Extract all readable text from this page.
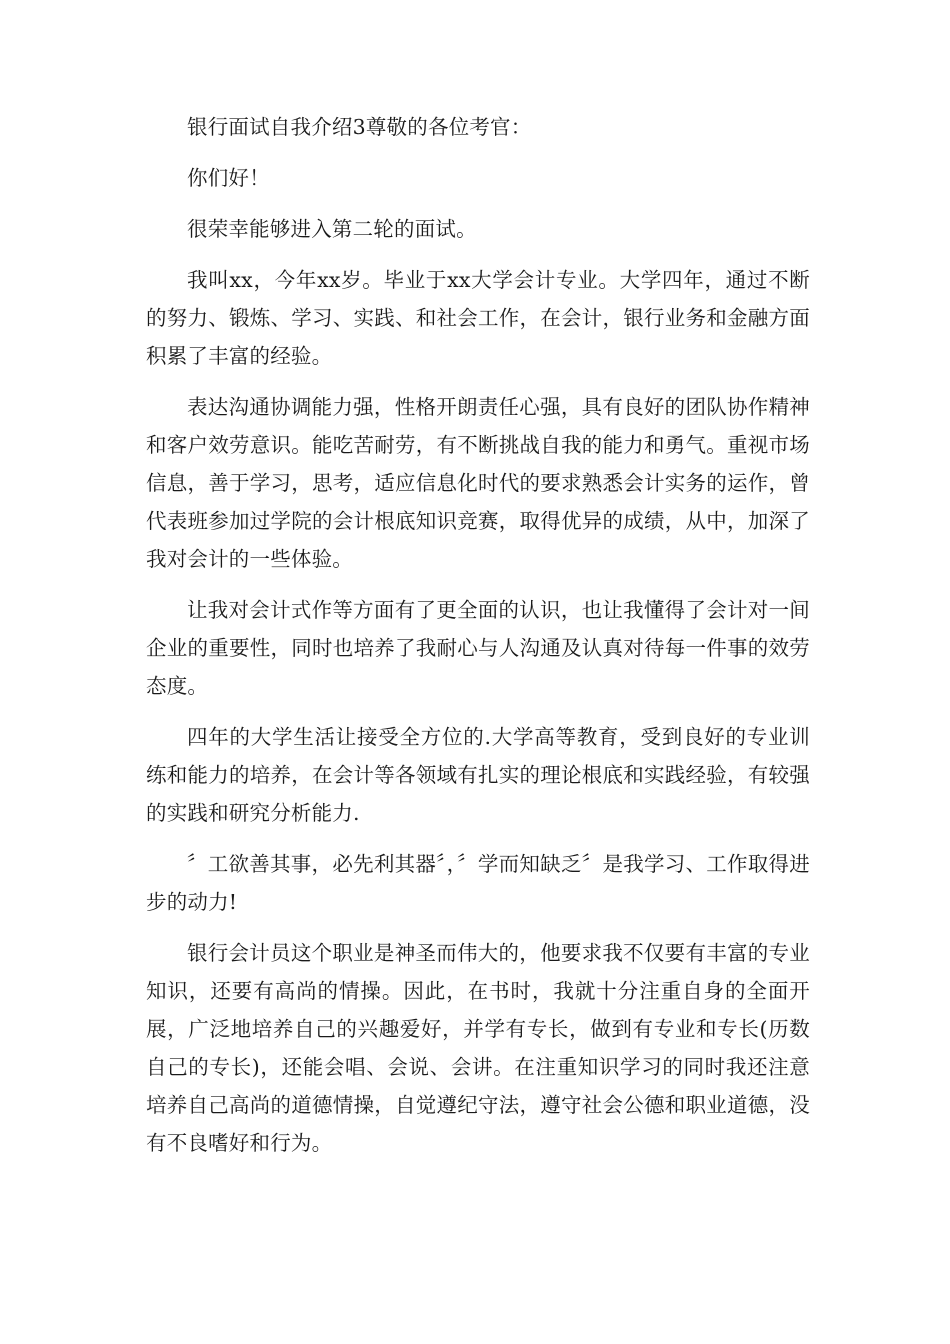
银行面试自我介绍3尊敬的各位考官：

你们好！

很荣幸能够进入第二轮的面试。

我叫xx，今年xx岁。毕业于xx大学会计专业。大学四年，通过不断的努力、锻炼、学习、实践、和社会工作，在会计，银行业务和金融方面积累了丰富的经验。

表达沟通协调能力强，性格开朗责任心强，具有良好的团队协作精神和客户效劳意识。能吃苦耐劳，有不断挑战自我的能力和勇气。重视市场信息，善于学习，思考，适应信息化时代的要求熟悉会计实务的运作，曾代表班参加过学院的会计根底知识竞赛，取得优异的成绩，从中，加深了我对会计的一些体验。

让我对会计式作等方面有了更全面的认识，也让我懂得了会计对一间企业的重要性，同时也培养了我耐心与人沟通及认真对待每一件事的效劳态度。

四年的大学生活让接受全方位的.大学高等教育，受到良好的专业训练和能力的培养，在会计等各领域有扎实的理论根底和实践经验，有较强的实践和研究分析能力.

〞工欲善其事，必先利其器〞，〞学而知缺乏〞是我学习、工作取得进步的动力!

银行会计员这个职业是神圣而伟大的，他要求我不仅要有丰富的专业知识，还要有高尚的情操。因此，在书时，我就十分注重自身的全面开展，广泛地培养自己的兴趣爱好，并学有专长，做到有专业和专长(历数自己的专长)，还能会唱、会说、会讲。在注重知识学习的同时我还注意培养自己高尚的道德情操，自觉遵纪守法，遵守社会公德和职业道德，没有不良嗜好和行为。
